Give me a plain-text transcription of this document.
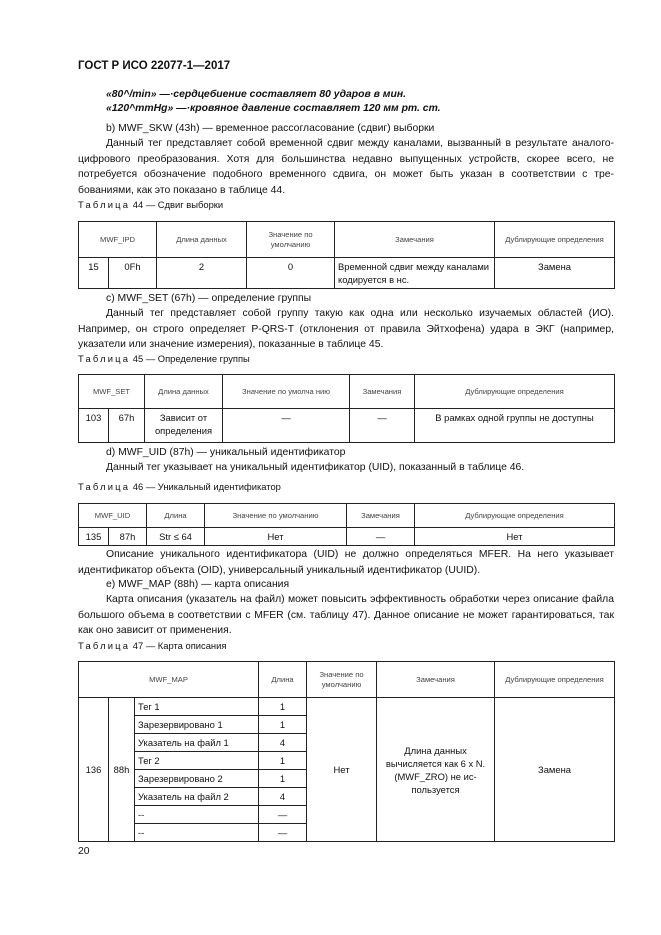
ГОСТ Р ИСО 22077-1—2017

«80^/min» —·сердцебиение составляет 80 ударов в мин.

«120^mmHg» —·кровяное давление составляет 120 мм рт. ст.

b) MWF_SKW (43h) — временное рассогласование (сдвиг) выборки

Данный тег представляет собой временной сдвиг между каналами, вызванный в результате аналого-цифрового преобразования. Хотя для большинства недавно выпущенных устройств, скорее всего, не потребуется обозначение подобного временного сдвига, он может быть указан в соответствии с требованиями, как это показано в таблице 44.

Таблица 44 — Сдвиг выборки
MWF_IPD		Длина данных	Значение по умолчанию	Замечания	Дублирующие определения
15	0Fh	2	0	Временной сдвиг между каналами кодируется в нс.	Замена

c) MWF_SET (67h) — определение группы

Данный тег представляет собой группу такую как одна или несколько изучаемых областей (ИО). Например, он строго определяет P-QRS-T (отклонения от правила Эйтхофена) удара в ЭКГ (например, указатели или значение измерения), показанные в таблице 45.

Таблица 45 — Определение группы
MWF_SET		Длина данных	Значение по умолча нию	Замечания	Дублирующие определения
103	67h	Зависит от определения	—	—	В рамках одной группы не доступны

d) MWF_UID (87h) — уникальный идентификатор

Данный тег указывает на уникальный идентификатор (UID), показанный в таблице 46.

Таблица 46 — Уникальный идентификатор
MWF_UID		Длина	Значение по умолчанию	Замечания	Дублирующие определения
135	87h	Str ≤ 64	Нет	—	Нет

Описание уникального идентификатора (UID) не должно определяться MFER. На него указывает идентификатор объекта (OID), универсальный уникальный идентификатор (UUID).

e) MWF_MAP (88h) — карта описания

Карта описания (указатель на файл) может повысить эффективность обработки через описание файла большого объема в соответствии с MFER (см. таблицу 47). Данное описание не может гарантироваться, так как оно зависит от применения.

Таблица 47 — Карта описания
MWF_MAP			Длина	Значение по умолчанию	Замечания	Дублирующие определения
136	88h	Тег 1	1	Нет	Длина данных вычисляется как 6 x N. (MWF_ZRO) не используется	Замена
		Зарезервировано 1	1			
		Указатель на файл 1	4			
		Тег 2	1			
		Зарезервировано 2	1			
		Указатель на файл 2	4			
		--	—			
		--	—			
20
